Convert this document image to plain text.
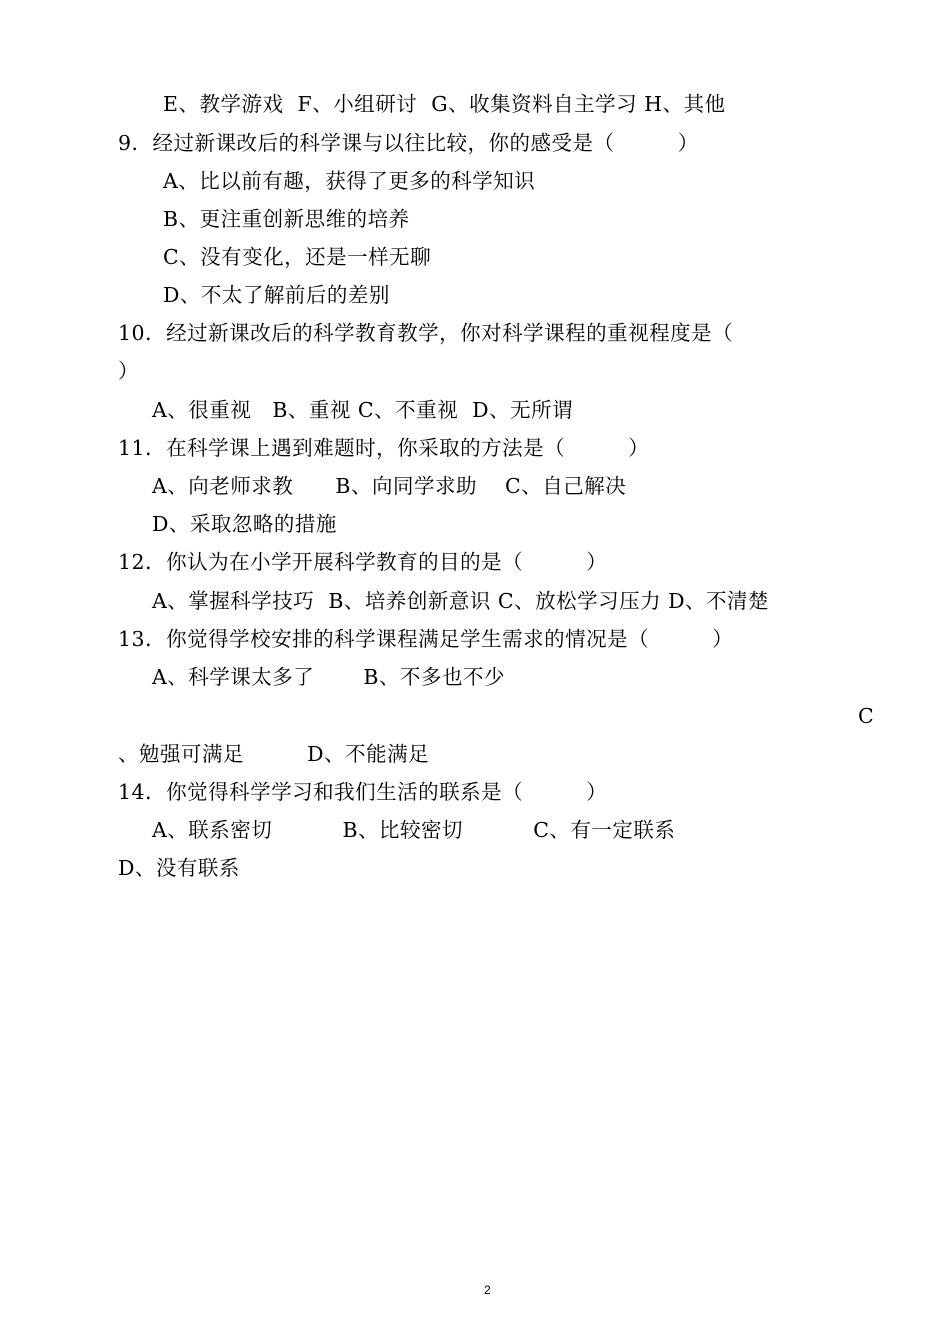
E、教学游戏  F、小组研讨  G、收集资料自主学习 H、其他
9．经过新课改后的科学课与以往比较，你的感受是（         ）
A、比以前有趣，获得了更多的科学知识
B、更注重创新思维的培养
C、没有变化，还是一样无聊
D、不太了解前后的差别
10．经过新课改后的科学教育教学，你对科学课程的重视程度是（
）
A、很重视   B、重视 C、不重视  D、无所谓
11．在科学课上遇到难题时，你采取的方法是（         ）
A、向老师求教      B、向同学求助    C、自己解决
D、采取忽略的措施
12．你认为在小学开展科学教育的目的是（         ）
A、掌握科学技巧  B、培养创新意识 C、放松学习压力 D、不清楚
13．你觉得学校安排的科学课程满足学生需求的情况是（         ）
A、科学课太多了       B、不多也不少
C
、勉强可满足         D、不能满足
14．你觉得科学学习和我们生活的联系是（         ）
A、联系密切          B、比较密切          C、有一定联系
D、没有联系
2
